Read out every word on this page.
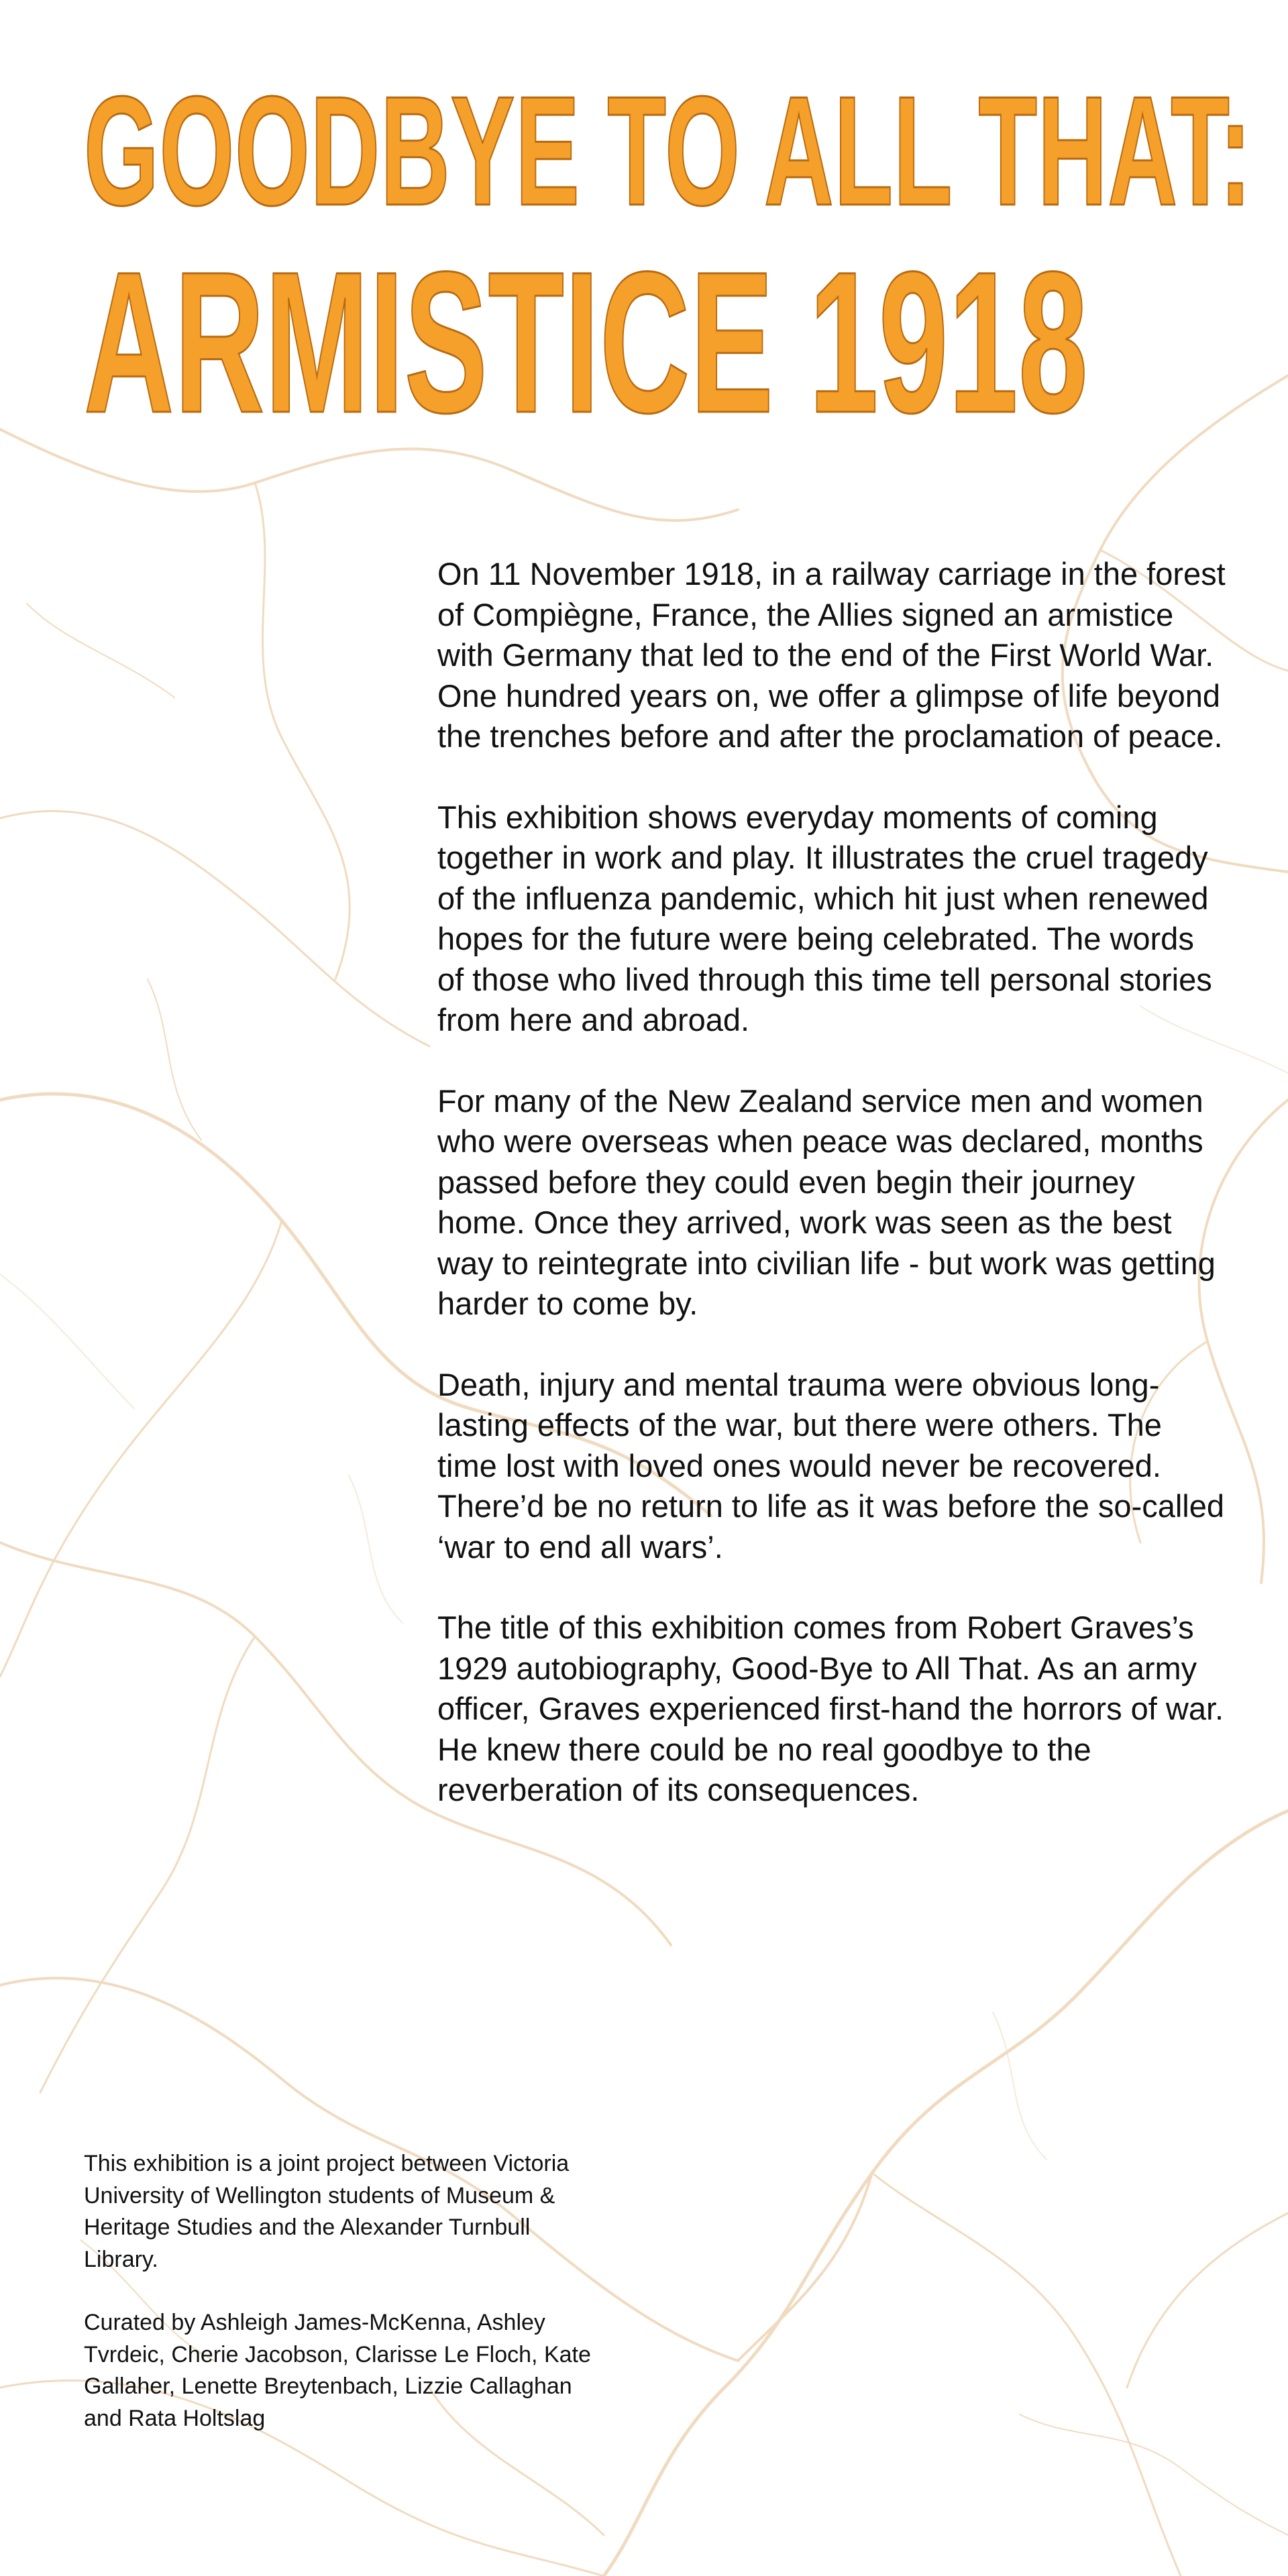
GOODBYE TO ALL THAT:
ARMISTICE 1918

On 11 November 1918, in a railway carriage in the forest of Compiègne, France, the Allies signed an armistice with Germany that led to the end of the First World War. One hundred years on, we offer a glimpse of life beyond the trenches before and after the proclamation of peace.

This exhibition shows everyday moments of coming together in work and play. It illustrates the cruel tragedy of the influenza pandemic, which hit just when renewed hopes for the future were being celebrated. The words of those who lived through this time tell personal stories from here and abroad.

For many of the New Zealand service men and women who were overseas when peace was declared, months passed before they could even begin their journey home. Once they arrived, work was seen as the best way to reintegrate into civilian life - but work was getting harder to come by.

Death, injury and mental trauma were obvious long-lasting effects of the war, but there were others. The time lost with loved ones would never be recovered. There’d be no return to life as it was before the so-called ‘war to end all wars’.

The title of this exhibition comes from Robert Graves’s 1929 autobiography, Good-Bye to All That. As an army officer, Graves experienced first-hand the horrors of war. He knew there could be no real goodbye to the reverberation of its consequences.

This exhibition is a joint project between Victoria University of Wellington students of Museum & Heritage Studies and the Alexander Turnbull Library.

Curated by Ashleigh James-McKenna, Ashley Tvrdeic, Cherie Jacobson, Clarisse Le Floch, Kate Gallaher, Lenette Breytenbach, Lizzie Callaghan and Rata Holtslag
